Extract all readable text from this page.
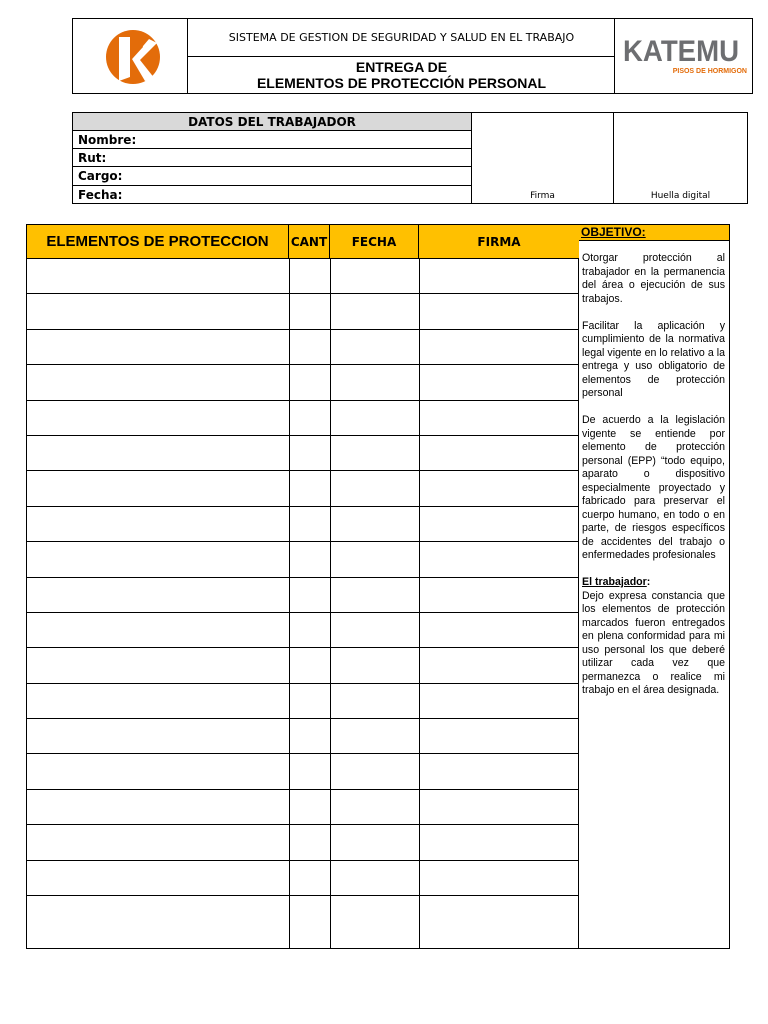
SISTEMA DE GESTION DE SEGURIDAD Y SALUD EN EL TRABAJO
ENTREGA DE
ELEMENTOS DE PROTECCIÓN PERSONAL
KATEMU
PISOS DE HORMIGON
DATOS DEL TRABAJADOR
Nombre:
Rut:
Cargo:
Fecha:	Firma	Huella digital
ELEMENTOS DE PROTECCION	CANT	FECHA	FIRMA
OBJETIVO:

Otorgar protección al trabajador en la permanencia del área o ejecución de sus trabajos.

Facilitar la aplicación y cumplimiento de la normativa legal vigente en lo relativo a la entrega y uso obligatorio de elementos de protección personal

De acuerdo a la legislación vigente se entiende por elemento de protección personal (EPP) “todo equipo, aparato o dispositivo especialmente proyectado y fabricado para preservar el cuerpo humano, en todo o en parte, de riesgos específicos de accidentes del trabajo o enfermedades profesionales

El trabajador:

Dejo expresa constancia que los elementos de protección marcados fueron entregados en plena conformidad para mi uso personal los que deberé utilizar cada vez que permanezca o realice mi trabajo en el área designada.
